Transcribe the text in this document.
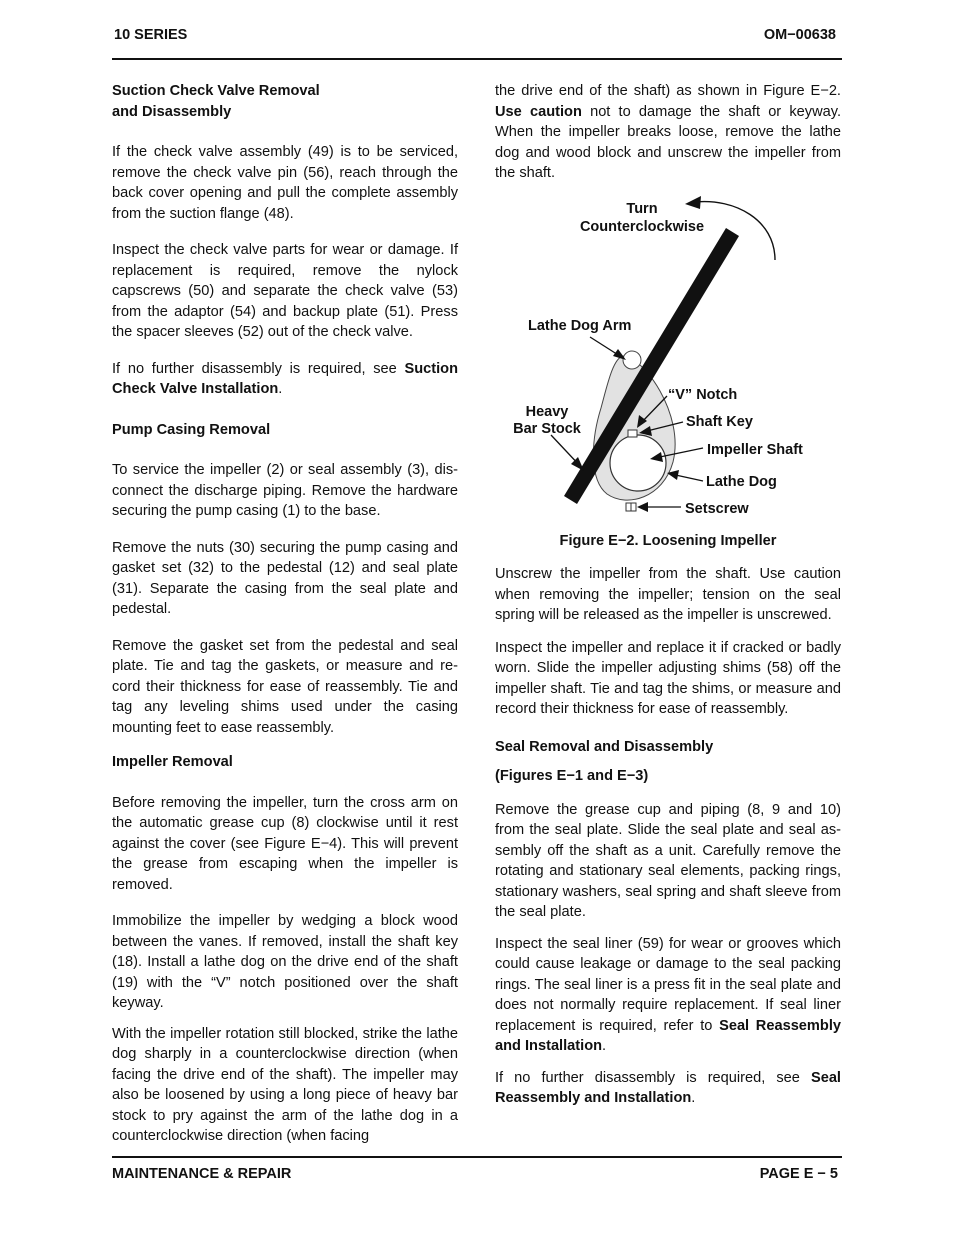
10 SERIES	OM−00638
Suction Check Valve Removal
and Disassembly

If the check valve assembly (49) is to be serviced, remove the check valve pin (56), reach through the back cover opening and pull the complete assembly from the suction flange (48).

Inspect the check valve parts for wear or damage. If replacement is required, remove the nylock capscrews (50) and separate the check valve (53) from the adaptor (54) and backup plate (51). Press the spacer sleeves (52) out of the check valve.

If no further disassembly is required, see Suction Check Valve Installation.

Pump Casing Removal

To service the impeller (2) or seal assembly (3), disconnect the discharge piping. Remove the hardware securing the pump casing (1) to the base.

Remove the nuts (30) securing the pump casing and gasket set (32) to the pedestal (12) and seal plate (31). Separate the casing from the seal plate and pedestal.

Remove the gasket set from the pedestal and seal plate. Tie and tag the gaskets, or measure and record their thickness for ease of reassembly. Tie and tag any leveling shims used under the casing mounting feet to ease reassembly.

Impeller Removal

Before removing the impeller, turn the cross arm on the automatic grease cup (8) clockwise until it rest against the cover (see Figure E−4). This will prevent the grease from escaping when the impeller is removed.

Immobilize the impeller by wedging a block wood between the vanes. If removed, install the shaft key (18). Install a lathe dog on the drive end of the shaft (19) with the “V” notch positioned over the shaft keyway.

With the impeller rotation still blocked, strike the lathe dog sharply in a counterclockwise direction (when facing the drive end of the shaft). The impeller may also be loosened by using a long piece of heavy bar stock to pry against the arm of the lathe dog in a counterclockwise direction (when facing

the drive end of the shaft) as shown in Figure E−2. Use caution not to damage the shaft or keyway. When the impeller breaks loose, remove the lathe dog and wood block and unscrew the impeller from the shaft.

Turn
Counterclockwise
Lathe Dog Arm
“V” Notch
Heavy
Bar Stock	Shaft Key
Impeller Shaft
Lathe Dog
Setscrew
Figure E−2. Loosening Impeller

Unscrew the impeller from the shaft. Use caution when removing the impeller; tension on the seal spring will be released as the impeller is unscrewed.

Inspect the impeller and replace it if cracked or badly worn. Slide the impeller adjusting shims (58) off the impeller shaft. Tie and tag the shims, or measure and record their thickness for ease of reassembly.

Seal Removal and Disassembly
(Figures E−1 and E−3)

Remove the grease cup and piping (8, 9 and 10) from the seal plate. Slide the seal plate and seal assembly off the shaft as a unit. Carefully remove the rotating and stationary seal elements, packing rings, stationary washers, seal spring and shaft sleeve from the seal plate.

Inspect the seal liner (59) for wear or grooves which could cause leakage or damage to the seal packing rings. The seal liner is a press fit in the seal plate and does not normally require replacement. If seal liner replacement is required, refer to Seal Reassembly and Installation.

If no further disassembly is required, see Seal Reassembly and Installation.

MAINTENANCE & REPAIR	PAGE E − 5
